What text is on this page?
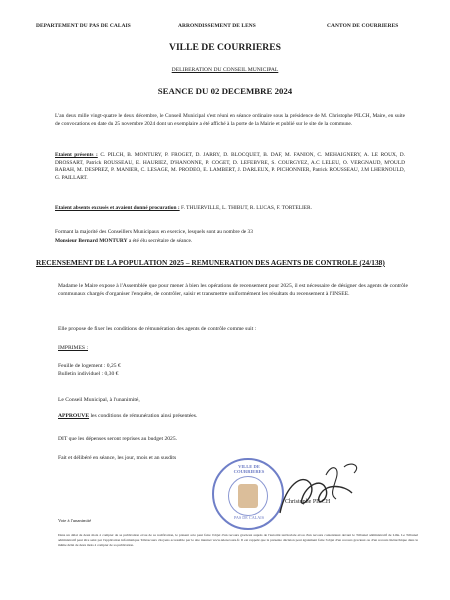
DEPARTEMENT DU PAS DE CALAIS	ARRONDISSEMENT DE LENS	CANTON DE COURRIERES
VILLE DE COURRIERES
DELIBERATION DU CONSEIL MUNICIPAL
SEANCE DU 02 DECEMBRE 2024
L'an deux mille vingt-quatre le deux décembre, le Conseil Municipal s'est réuni en séance ordinaire sous la présidence de M. Christophe PILCH, Maire, en suite de convocations en date du 25 novembre 2024 dont un exemplaire a été affiché à la porte de la Mairie et publié sur le site de la commune.
Etaient présents : C. PILCH, B. MONTURY, P. FROGET, D. JARRY, D. BLOCQUET, B. DAF, M. FANION, C. MEHAIGNERY, A. LE ROUX, D. DROSSART, Patrick ROUSSEAU, E. HAURIEZ, D'HANONNE, P. COGET, D. LEFEBVRE, S. COURGYEZ, A.C LELEU, O. VERGNAUD, M'OULD RABAH, M. DESPREZ, P. MANIER, C. LESAGE, M. PRODEO, E. LAMBERT, J. DARLEUX, P. PICHONNIER, Patrick ROUSSEAU, J.M LHERNOULD, G. PAILLART.
Etaient absents excusés et avaient donné procuration : F. THUERVILLE, L. THIBUT, R. LUCAS, F. TORTELIER.
Formant la majorité des Conseillers Municipaux en exercice, lesquels sont au nombre de 33
Monsieur Bernard MONTURY a été élu secrétaire de séance.
RECENSEMENT DE LA POPULATION 2025 – REMUNERATION DES AGENTS DE CONTROLE (24/138)
Madame le Maire expose à l'Assemblée que pour mener à bien les opérations de recensement pour 2025, il est nécessaire de désigner des agents de contrôle communaux chargés d'organiser l'enquête, de contrôler, saisir et transmettre uniformément les résultats du recensement à l'INSEE.
Elle propose de fixer les conditions de rémunération des agents de contrôle comme suit :
IMPRIMES :
Feuille de logement : 0,25 €
Bulletin individuel : 0,30 €
Le Conseil Municipal, à l'unanimité,
APPROUVE les conditions de rémunération ainsi présentées.
DIT que les dépenses seront reprises au budget 2025.
Fait et délibéré en séance, les jour, mois et an susdits
VILLE DE COURRIERES
PAS DE CALAIS
Christophe PILCH
Vote à l'unanimité
Dans un délai de deux mois à compter de sa publication et/ou de sa notification, le présent acte peut faire l'objet d'un recours gracieux auprès de l'autorité territoriale et/ou d'un recours contentieux devant le Tribunal administratif de Lille. Le Tribunal administratif peut être saisi par l'application informatique Télérecours citoyens accessible par le site internet www.telerecours.fr. Il est rappelé que la présente décision peut également faire l'objet d'un recours gracieux ou d'un recours hiérarchique dans le même délai de deux mois à compter de sa publication.
